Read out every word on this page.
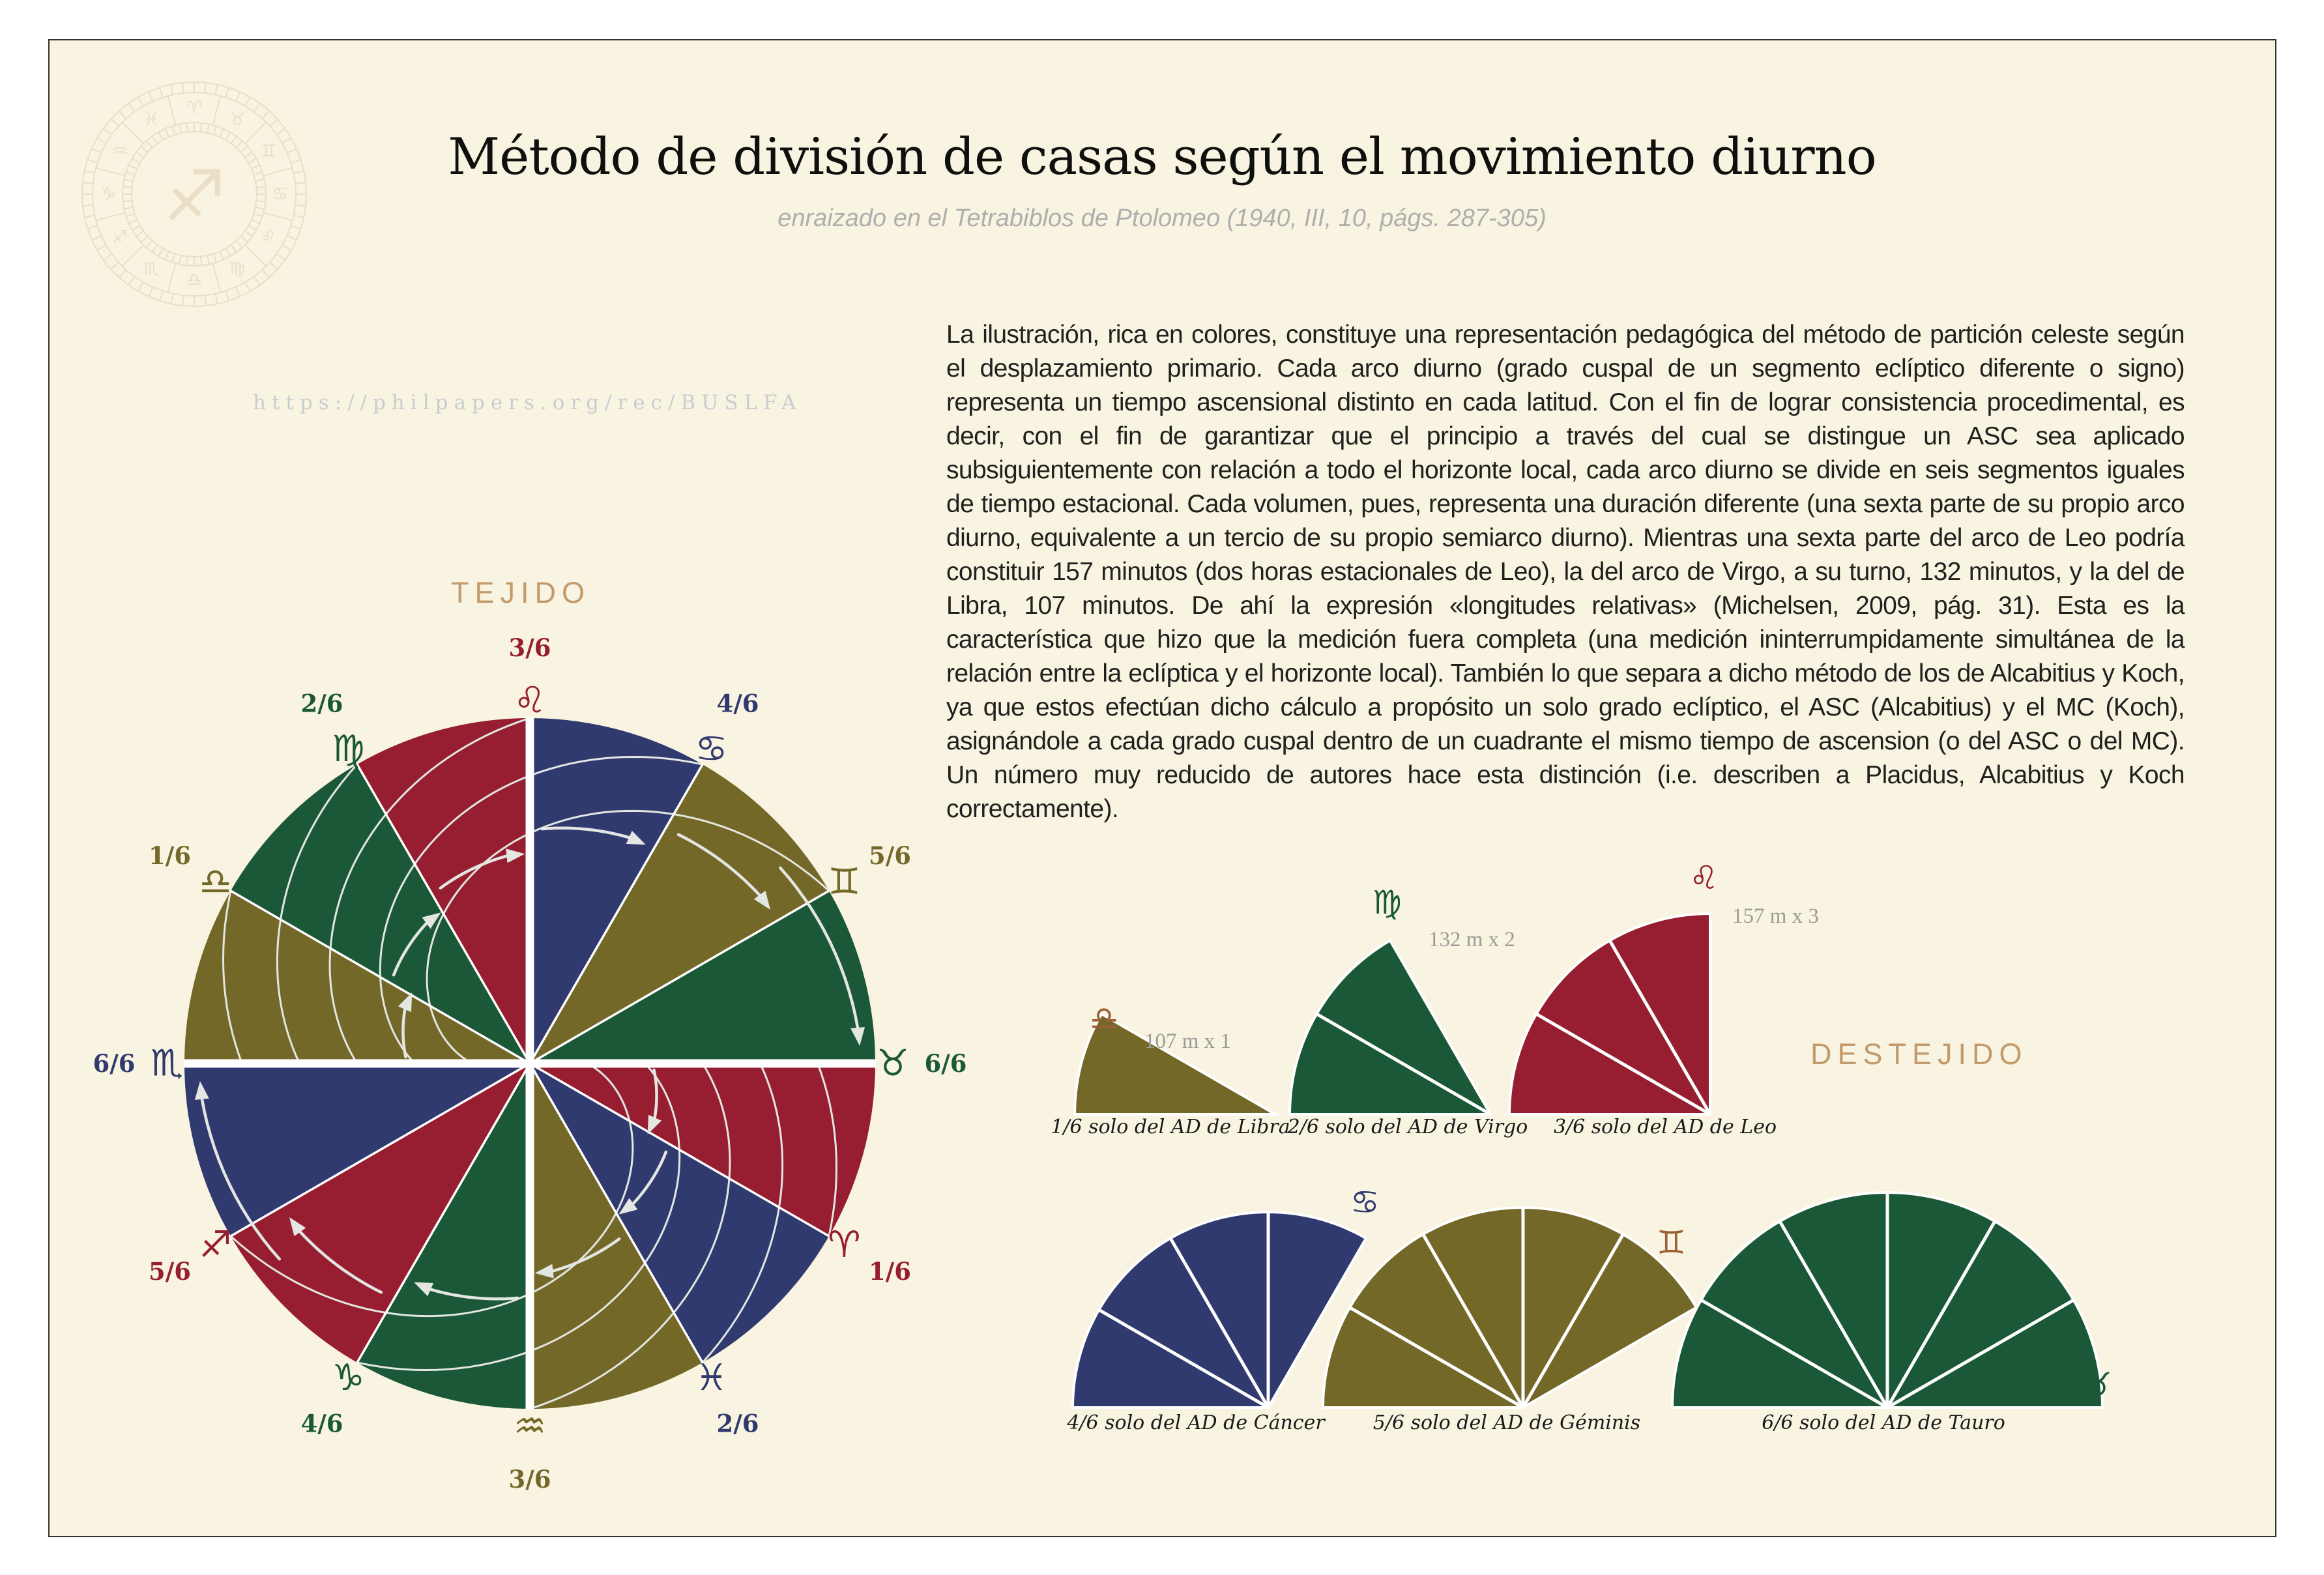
♈
♉
♊
♋
♌
♍
♎
♏
♐
♑
♒
♓
♐	Método de división de casas según el movimiento diurno
enraizado en el Tetrabiblos de Ptolomeo (1940, III, 10, págs. 287-305)
https://philpapers.org/rec/BUSLFA
TEJIDO
DESTEJIDO
La ilustración, rica en colores, constituye una representación pedagógica del método de partición celeste según el desplazamiento primario. Cada arco diurno (grado cuspal de un segmento eclíptico diferente o signo) representa un tiempo ascensional distinto en cada latitud. Con el fin de lograr consistencia procedimental, es decir, con el fin de garantizar que el principio a través del cual se distingue un ASC sea aplicado subsiguientemente con relación a todo el horizonte local, cada arco diurno se divide en seis segmentos iguales de tiempo estacional. Cada volumen, pues, representa una duración diferente (una sexta parte de su propio arco diurno, equivalente a un tercio de su propio semiarco diurno). Mientras una sexta parte del arco de Leo podría constituir 157 minutos (dos horas estacionales de Leo), la del arco de Virgo, a su turno, 132 minutos, y la del de Libra, 107 minutos. De ahí la expresión «longitudes relativas» (Michelsen, 2009, pág. 31). Esta es la característica que hizo que la medición fuera completa (una medición ininterrumpidamente simultánea de la relación entre la eclíptica y el horizonte local). También lo que separa a dicho método de los de Alcabitius y Koch, ya que estos efectúan dicho cálculo a propósito un solo grado eclíptico, el ASC (Alcabitius) y el MC (Koch), asignándole a cada grado cuspal dentro de un cuadrante el mismo tiempo de ascension (o del ASC o del MC). Un número muy reducido de autores hace esta distinción (i.e. describen a Placidus, Alcabitius y Koch correctamente).
♌
3/6
♋
4/6
♊
5/6
♉ 6/6
♈
1/6
♓
2/6
♒
3/6
♑
4/6
♐
5/6
♏
6/6
♎
1/6
♍
2/6
♎
107 m x 1
1/6 solo del AD de Libra
♍
132 m x 2
2/6 solo del AD de Virgo
♌
157 m x 3
3/6 solo del AD de Leo
♋
4/6 solo del AD de Cáncer
♊
5/6 solo del AD de Géminis
♉
6/6 solo del AD de Tauro
